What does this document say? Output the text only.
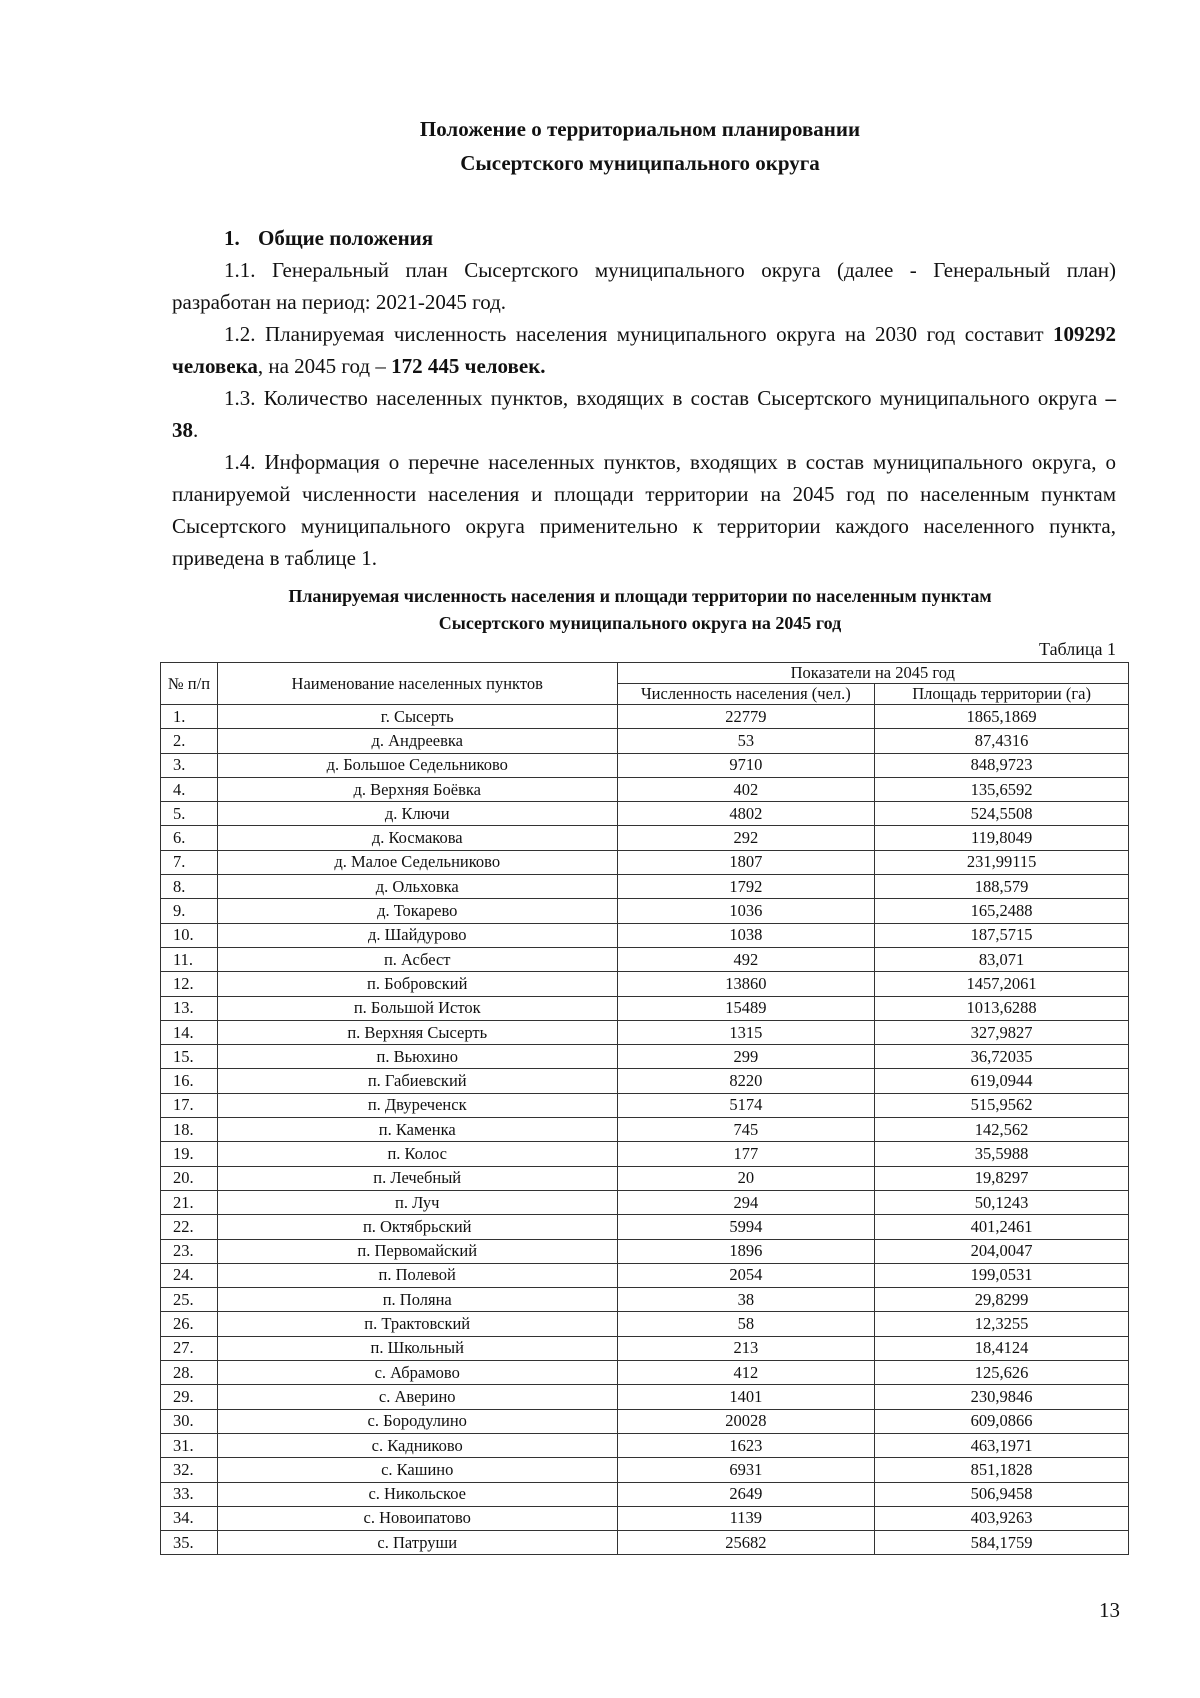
Положение о территориальном планировании
Сысертского муниципального округа
1. Общие положения

1.1. Генеральный план Сысертского муниципального округа (далее - Генеральный план) разработан на период: 2021-2045 год.

1.2. Планируемая численность населения муниципального округа на 2030 год составит 109292 человека, на 2045 год – 172 445 человек.

1.3. Количество населенных пунктов, входящих в состав Сысертского муниципального округа – 38.

1.4. Информация о перечне населенных пунктов, входящих в состав муниципального округа, о планируемой численности населения и площади территории на 2045 год по населенным пунктам Сысертского муниципального округа применительно к территории каждого населенного пункта, приведена в таблице 1.

Планируемая численность населения и площади территории по населенным пунктам
Сысертского муниципального округа на 2045 год
Таблица 1
№ п/п	Наименование населенных пунктов	Показатели на 2045 год	
		Численность населения (чел.)	Площадь территории (га)
1.	г. Сысерть	22779	1865,1869
2.	д. Андреевка	53	87,4316
3.	д. Большое Седельниково	9710	848,9723
4.	д. Верхняя Боёвка	402	135,6592
5.	д. Ключи	4802	524,5508
6.	д. Космакова	292	119,8049
7.	д. Малое Седельниково	1807	231,99115
8.	д. Ольховка	1792	188,579
9.	д. Токарево	1036	165,2488
10.	д. Шайдурово	1038	187,5715
11.	п. Асбест	492	83,071
12.	п. Бобровский	13860	1457,2061
13.	п. Большой Исток	15489	1013,6288
14.	п. Верхняя Сысерть	1315	327,9827
15.	п. Вьюхино	299	36,72035
16.	п. Габиевский	8220	619,0944
17.	п. Двуреченск	5174	515,9562
18.	п. Каменка	745	142,562
19.	п. Колос	177	35,5988
20.	п. Лечебный	20	19,8297
21.	п. Луч	294	50,1243
22.	п. Октябрьский	5994	401,2461
23.	п. Первомайский	1896	204,0047
24.	п. Полевой	2054	199,0531
25.	п. Поляна	38	29,8299
26.	п. Трактовский	58	12,3255
27.	п. Школьный	213	18,4124
28.	с. Абрамово	412	125,626
29.	с. Аверино	1401	230,9846
30.	с. Бородулино	20028	609,0866
31.	с. Кадниково	1623	463,1971
32.	с. Кашино	6931	851,1828
33.	с. Никольское	2649	506,9458
34.	с. Новоипатово	1139	403,9263
35.	с. Патруши	25682	584,1759
13
